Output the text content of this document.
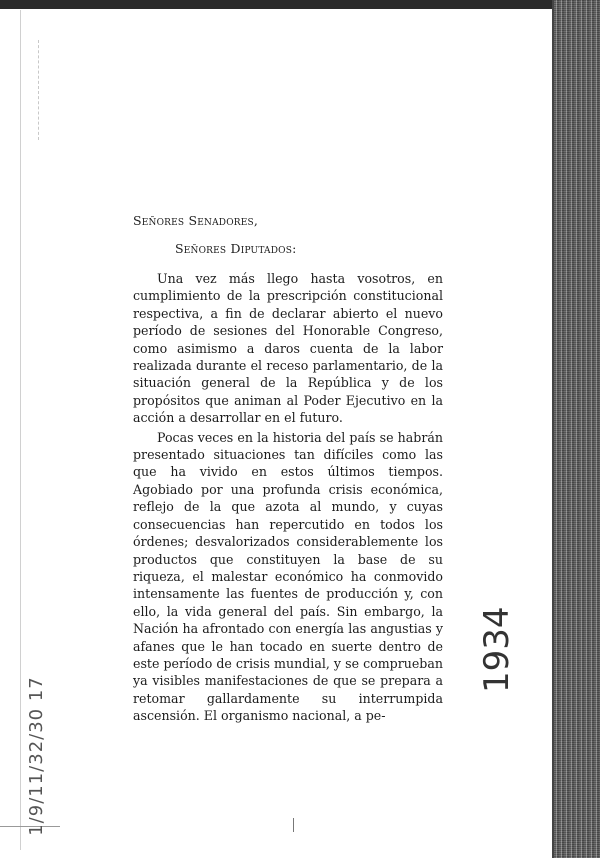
Señores Senadores,

Señores Diputados:

Una vez más llego hasta vosotros, en cumplimiento de la prescripción constitucional respectiva, a fin de declarar abierto el nuevo período de sesiones del Honorable Congreso, como asimismo a daros cuenta de la labor realizada durante el receso parlamentario, de la situación general de la República y de los propósitos que animan al Poder Ejecutivo en la acción a desarrollar en el futuro.

Pocas veces en la historia del país se habrán presentado situaciones tan difíciles como las que ha vivido en estos últimos tiempos. Agobiado por una profunda crisis económica, reflejo de la que azota al mundo, y cuyas consecuencias han repercutido en todos los órdenes; desvalorizados considerablemente los productos que constituyen la base de su riqueza, el malestar económico ha conmovido intensamente las fuentes de producción y, con ello, la vida general del país. Sin embargo, la Nación ha afrontado con energía las angustias y afanes que le han tocado en suerte dentro de este período de crisis mundial, y se comprueban ya visibles manifestaciones de que se prepara a retomar gallardamente su interrumpida ascensión. El organismo nacional, a pe-

1934
1/9/11/32/30 17
